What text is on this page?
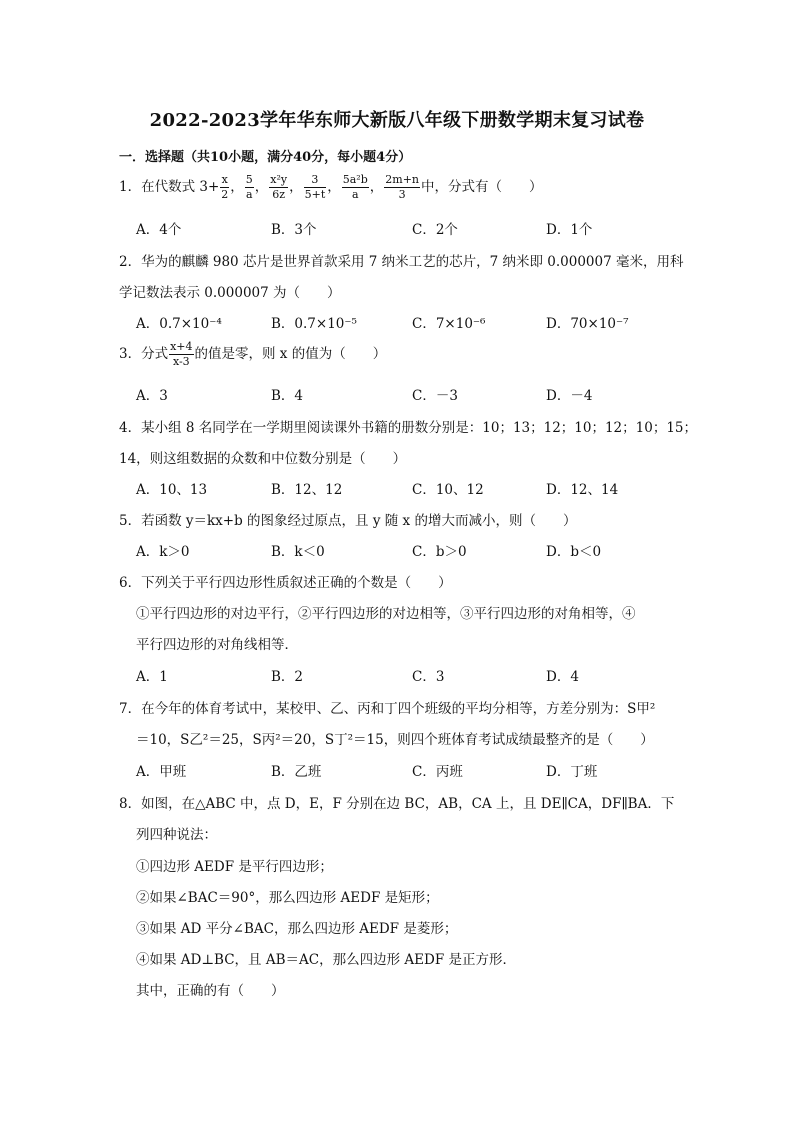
2022-2023学年华东师大新版八年级下册数学期末复习试卷
一．选择题（共10小题，满分40分，每小题4分）
1．在代数式 $3+ \frac{x}{2}$ ， $\frac{5}{a}$ ， $\frac{\text{x²y}}{6z}$ ， $\frac{3}{5+t}$ ， $\frac{\text{5a²b}}{a}$ ， $\frac{2m+n}{3}$ 中，分式有（　　）
A．4个	B．3个	C．2个	D．1个
2．华为的麒麟 980 芯片是世界首款采用 7 纳米工艺的芯片，7 纳米即 0.000007 毫米，用科
学记数法表示 0.000007 为（　　）
A．0.7×10⁻⁴	B．0.7×10⁻⁵	C．7×10⁻⁶	D．70×10⁻⁷
3．分式 $\frac{x+4}{x-3}$ 的值是零，则 x 的值为（　　）
A．3	B．4	C．－3	D．－4
4．某小组 8 名同学在一学期里阅读课外书籍的册数分别是：10；13；12；10；12；10；15；
14，则这组数据的众数和中位数分别是（　　）
A．10、13	B．12、12	C．10、12	D．12、14
5．若函数 y＝kx+b 的图象经过原点，且 y 随 x 的增大而减小，则（　　）
A．k＞0	B．k＜0	C．b＞0	D．b＜0
6．下列关于平行四边形性质叙述正确的个数是（　　）
①平行四边形的对边平行，②平行四边形的对边相等，③平行四边形的对角相等，④
平行四边形的对角线相等．
A．1	B．2	C．3	D．4
7．在今年的体育考试中，某校甲、乙、丙和丁四个班级的平均分相等，方差分别为：S甲²
＝10，S乙²＝25，S丙²＝20，S丁²＝15，则四个班体育考试成绩最整齐的是（　　）
A．甲班	B．乙班	C．丙班	D．丁班
8．如图，在△ABC 中，点 D，E，F 分别在边 BC，AB，CA 上，且 DE∥CA，DF∥BA．下
列四种说法：
①四边形 AEDF 是平行四边形；
②如果∠BAC＝90°，那么四边形 AEDF 是矩形；
③如果 AD 平分∠BAC，那么四边形 AEDF 是菱形；
④如果 AD⊥BC，且 AB＝AC，那么四边形 AEDF 是正方形．
其中，正确的有（　　）
